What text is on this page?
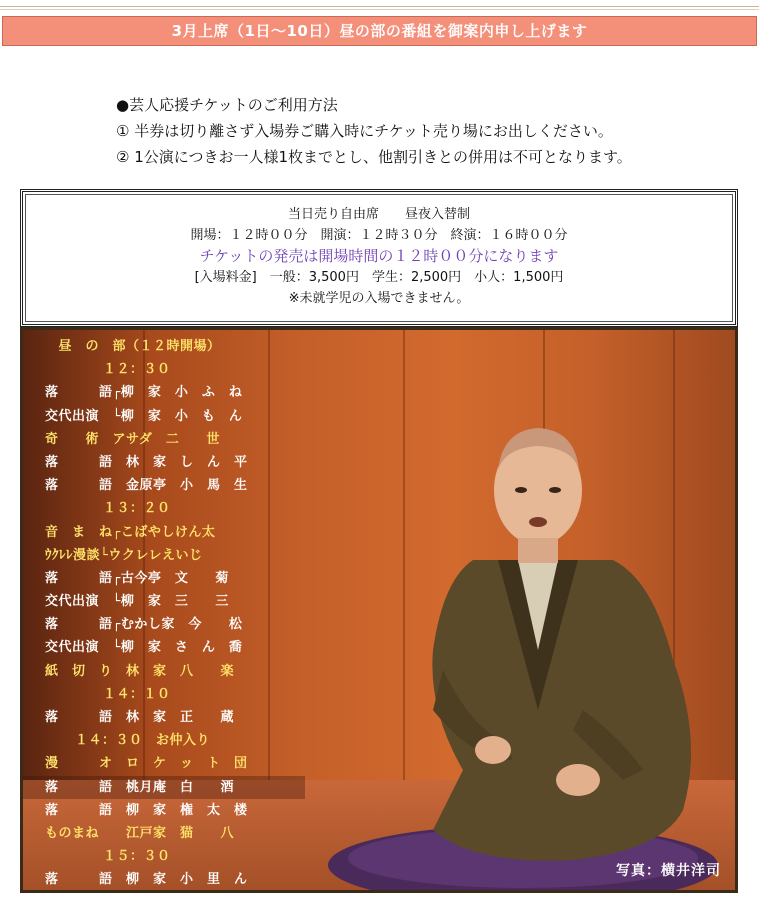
3月上席（1日～10日）昼の部の番組を御案内申し上げます
●芸人応援チケットのご利用方法
① 半券は切り離さず入場券ご購入時にチケット売り場にお出しください。
② 1公演につきお一人様1枚までとし、他割引きとの併用は不可となります。
当日売り自由席　　昼夜入替制
開場：１２時００分　開演：１２時３０分　終演：１６時００分
チケットの発売は開場時間の１２時００分になります
[入場料金]　一般：3,500円　学生：2,500円　小人：1,500円
※未就学児の入場できません。
　昼　の　部（１２時開場）
１２：３０
落　　　語┌柳　家　小　ふ　ね
交代出演　└柳　家　小　も　ん
奇　　術　アサダ　二　　世
落　　　語　林　家　し　ん　平
落　　　語　金原亭　小　馬　生
１３：２０
音　ま　ね┌こばやしけん太
ｳｸﾚﾚ漫談└ウクレレえいじ
落　　　語┌古今亭　文　　菊
交代出演　└柳　家　三　　三
落　　　語┌むかし家　今　　松
交代出演　└柳　家　さ　ん　喬
紙　切　り　林　家　八　　楽
１４：１０
落　　　語　林　家　正　　蔵
１４：３０　お仲入り
漫　　　オ　ロ　ケ　ッ　ト　団
落　　　語　桃月庵　白　　酒
落　　　語　柳　家　権　太　楼
ものまね　　江戸家　猫　　八
１５：３０
落　　　語　柳　家　小　里　ん
写真：横井洋司
